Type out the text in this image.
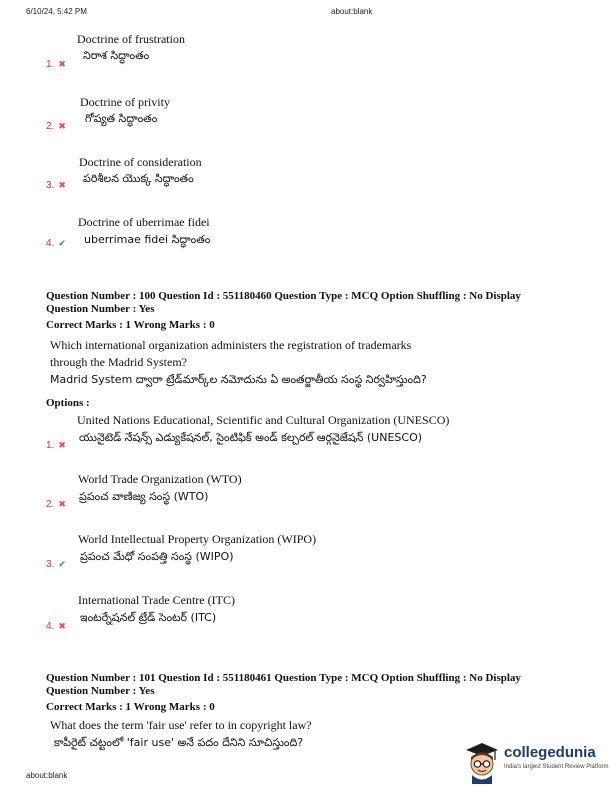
6/10/24, 5:42 PM	about:blank
Doctrine of frustration
నిరాశ సిద్ధాంతం
1. ✖
Doctrine of privity
గోప్యత సిద్ధాంతం
2. ✖
Doctrine of consideration
పరిశీలన యొక్క సిద్ధాంతం
3. ✖
Doctrine of uberrimae fidei
uberrimae fidei సిద్ధాంతం
4. ✔
Question Number : 100 Question Id : 551180460 Question Type : MCQ Option Shuffling : No Display
Question Number : Yes
Correct Marks : 1 Wrong Marks : 0
Which international organization administers the registration of trademarks
through the Madrid System?
Madrid System ద్వారా ట్రేడ్‌మార్క్‌ల నమోదును ఏ అంతర్జాతీయ సంస్థ నిర్వహిస్తుంది?
Options :
United Nations Educational, Scientific and Cultural Organization (UNESCO)
యునైటెడ్ నేషన్స్ ఎడ్యుకేషనల్, సైంటిఫిక్ అండ్ కల్చరల్ ఆర్గనైజేషన్ (UNESCO)
1. ✖
World Trade Organization (WTO)
ప్రపంచ వాణిజ్య సంస్థ (WTO)
2. ✖
World Intellectual Property Organization (WIPO)
ప్రపంచ మేధో సంపత్తి సంస్థ (WIPO)
3. ✔
International Trade Centre (ITC)
ఇంటర్నేషనల్ ట్రేడ్ సెంటర్ (ITC)
4. ✖
Question Number : 101 Question Id : 551180461 Question Type : MCQ Option Shuffling : No Display
Question Number : Yes
Correct Marks : 1 Wrong Marks : 0
What does the term 'fair use' refer to in copyright law?
కాపీరైట్ చట్టంలో 'fair use' అనే పదం దేనిని సూచిస్తుంది?
about:blank
collegedunia
India's largest Student Review Platform
